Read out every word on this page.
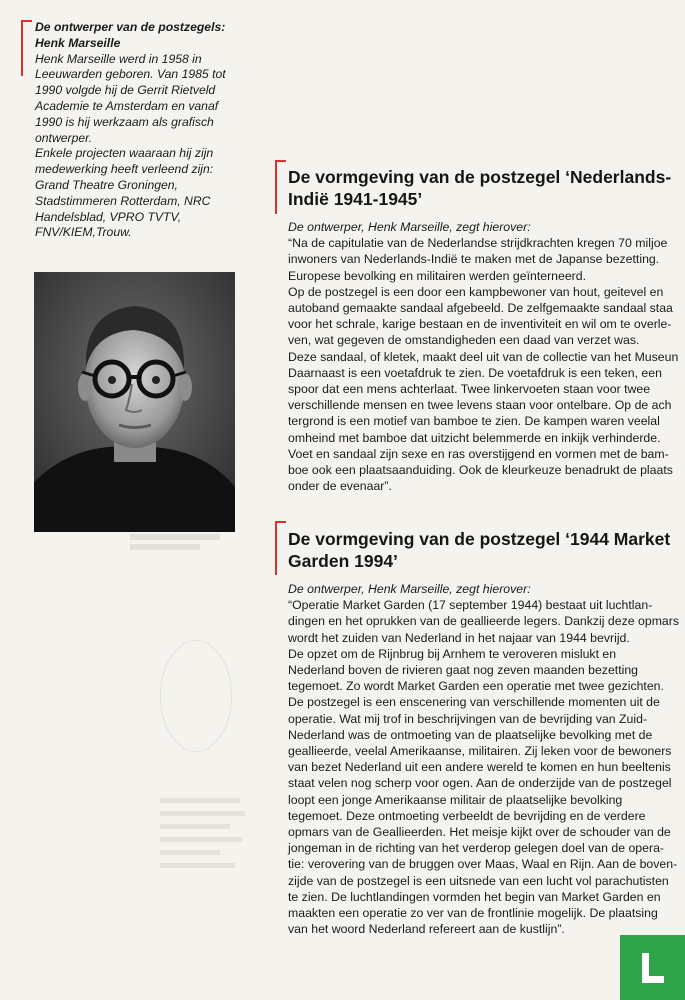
De ontwerper van de postzegels:
Henk Marseille

Henk Marseille werd in 1958 in

Leeuwarden geboren. Van 1985 tot

1990 volgde hij de Gerrit Rietveld

Academie te Amsterdam en vanaf

1990 is hij werkzaam als grafisch

ontwerper.

Enkele projecten waaraan hij zijn

medewerking heeft verleend zijn:

Grand Theatre Groningen,

Stadstimmeren Rotterdam, NRC

Handelsblad, VPRO TVTV,

FNV/KIEM,Trouw.

De vormgeving van de postzegel ‘Nederlands-
Indië 1941-1945’
De ontwerper, Henk Marseille, zegt hierover:
“Na de capitulatie van de Nederlandse strijdkrachten kregen 70 miljoe
inwoners van Nederlands-Indië te maken met de Japanse bezetting.
Europese bevolking en militairen werden geïnterneerd.
Op de postzegel is een door een kampbewoner van hout, geitevel en
autoband gemaakte sandaal afgebeeld. De zelfgemaakte sandaal staa
voor het schrale, karige bestaan en de inventiviteit en wil om te overle-
ven, wat gegeven de omstandigheden een daad van verzet was.
Deze sandaal, of kletek, maakt deel uit van de collectie van het Museun
Daarnaast is een voetafdruk te zien. De voetafdruk is een teken, een
spoor dat een mens achterlaat. Twee linkervoeten staan voor twee
verschillende mensen en twee levens staan voor ontelbare. Op de ach
tergrond is een motief van bamboe te zien. De kampen waren veelal
omheind met bamboe dat uitzicht belemmerde en inkijk verhinderde.
Voet en sandaal zijn sexe en ras overstijgend en vormen met de bam-
boe ook een plaatsaanduiding. Ook de kleurkeuze benadrukt de plaats
onder de evenaar”.
De vormgeving van de postzegel ‘1944 Market
Garden 1994’
De ontwerper, Henk Marseille, zegt hierover:
“Operatie Market Garden (17 september 1944) bestaat uit luchtlan-
dingen en het oprukken van de geallieerde legers. Dankzij deze opmars
wordt het zuiden van Nederland in het najaar van 1944 bevrijd.
De opzet om de Rijnbrug bij Arnhem te veroveren mislukt en
Nederland boven de rivieren gaat nog zeven maanden bezetting
tegemoet. Zo wordt Market Garden een operatie met twee gezichten.
De postzegel is een enscenering van verschillende momenten uit de
operatie. Wat mij trof in beschrijvingen van de bevrijding van Zuid-
Nederland was de ontmoeting van de plaatselijke bevolking met de
geallieerde, veelal Amerikaanse, militairen. Zij leken voor de bewoners
van bezet Nederland uit een andere wereld te komen en hun beeltenis
staat velen nog scherp voor ogen. Aan de onderzijde van de postzegel
loopt een jonge Amerikaanse militair de plaatselijke bevolking
tegemoet. Deze ontmoeting verbeeldt de bevrijding en de verdere
opmars van de Geallieerden. Het meisje kijkt over de schouder van de
jongeman in de richting van het verderop gelegen doel van de opera-
tie: verovering van de bruggen over Maas, Waal en Rijn. Aan de boven-
zijde van de postzegel is een uitsnede van een lucht vol parachutisten
te zien. De luchtlandingen vormden het begin van Market Garden en
maakten een operatie zo ver van de frontlinie mogelijk. De plaatsing
van het woord Nederland refereert aan de kustlijn”.
